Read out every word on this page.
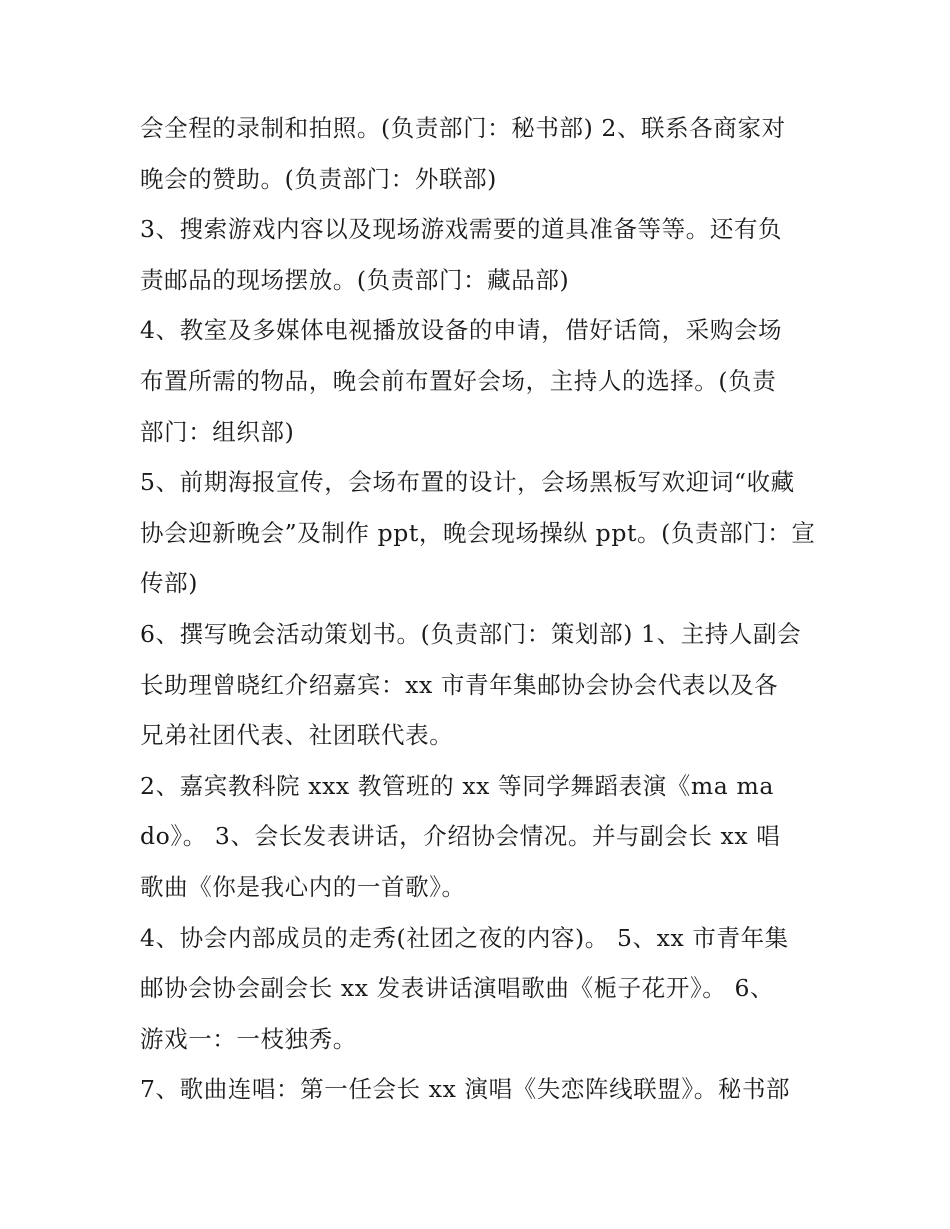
会全程的录制和拍照。(负责部门：秘书部) 2、联系各商家对
晚会的赞助。(负责部门：外联部)
3、搜索游戏内容以及现场游戏需要的道具准备等等。还有负
责邮品的现场摆放。(负责部门：藏品部)
4、教室及多媒体电视播放设备的申请，借好话筒，采购会场
布置所需的物品，晚会前布置好会场，主持人的选择。(负责
部门：组织部)
5、前期海报宣传，会场布置的设计，会场黑板写欢迎词“收藏
协会迎新晚会”及制作 ppt，晚会现场操纵 ppt。(负责部门：宣
传部)
6、撰写晚会活动策划书。(负责部门：策划部) 1、主持人副会
长助理曾晓红介绍嘉宾：xx 市青年集邮协会协会代表以及各
兄弟社团代表、社团联代表。
2、嘉宾教科院 xxx 教管班的 xx 等同学舞蹈表演《ma ma
do》。 3、会长发表讲话，介绍协会情况。并与副会长 xx 唱
歌曲《你是我心内的一首歌》。
4、协会内部成员的走秀(社团之夜的内容)。 5、xx 市青年集
邮协会协会副会长 xx 发表讲话演唱歌曲《栀子花开》。 6、
游戏一：一枝独秀。
7、歌曲连唱：第一任会长 xx 演唱《失恋阵线联盟》。秘书部
